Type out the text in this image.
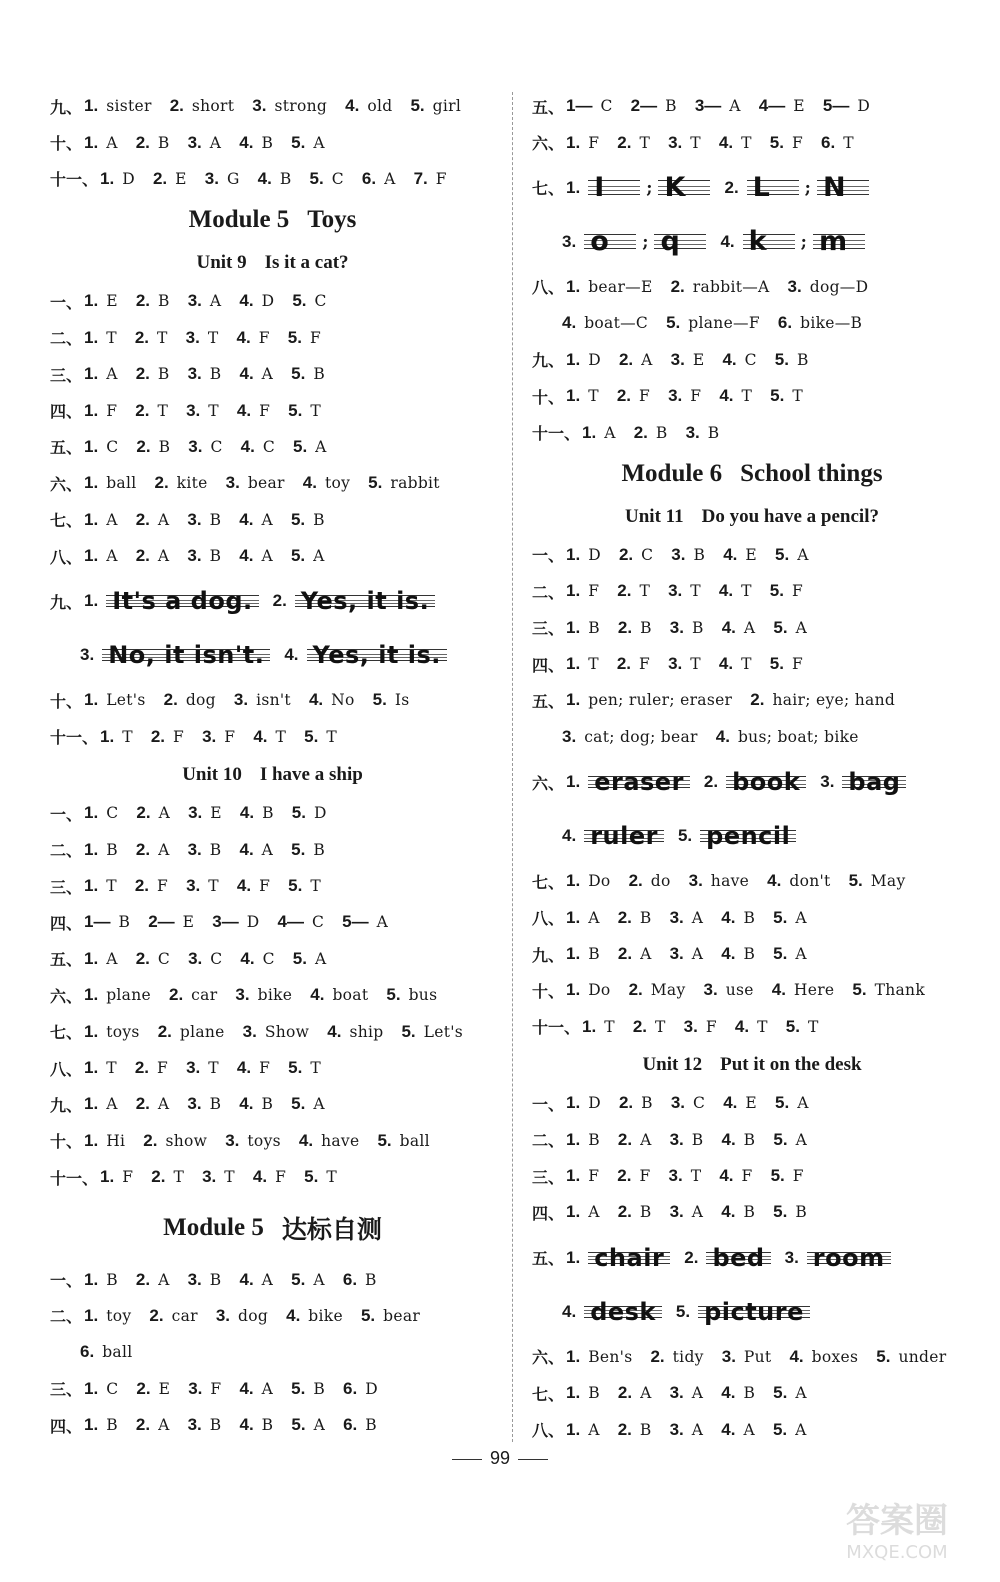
九、 1. sister 2. short 3. strong 4. old 5. girl
十、 1. A 2. B 3. A 4. B 5. A
十一、 1. D 2. E 3. G 4. B 5. C 6. A 7. F
Module 5 Toys
Unit 9 Is it a cat?
一、 1. E 2. B 3. A 4. D 5. C
二、 1. T 2. T 3. T 4. F 5. F
三、 1. A 2. B 3. B 4. A 5. B
四、 1. F 2. T 3. T 4. F 5. T
五、 1. C 2. B 3. C 4. C 5. A
六、 1. ball 2. kite 3. bear 4. toy 5. rabbit
七、 1. A 2. A 3. B 4. A 5. B
八、 1. A 2. A 3. B 4. A 5. A
九、 1. It's a dog. 2. Yes, it is.
3. No, it isn't. 4. Yes, it is.
十、 1. Let's 2. dog 3. isn't 4. No 5. Is
十一、 1. T 2. F 3. F 4. T 5. T
Unit 10 I have a ship
一、 1. C 2. A 3. E 4. B 5. D
二、 1. B 2. A 3. B 4. A 5. B
三、 1. T 2. F 3. T 4. F 5. T
四、 1— B 2— E 3— D 4— C 5— A
五、 1. A 2. C 3. C 4. C 5. A
六、 1. plane 2. car 3. bike 4. boat 5. bus
七、 1. toys 2. plane 3. Show 4. ship 5. Let's
八、 1. T 2. F 3. T 4. F 5. T
九、 1. A 2. A 3. B 4. B 5. A
十、 1. Hi 2. show 3. toys 4. have 5. ball
十一、 1. F 2. T 3. T 4. F 5. T
Module 5 达标自测
一、 1. B 2. A 3. B 4. A 5. A 6. B
二、 1. toy 2. car 3. dog 4. bike 5. bear
6. ball
三、 1. C 2. E 3. F 4. A 5. B 6. D
四、 1. B 2. A 3. B 4. B 5. A 6. B
五、 1— C 2— B 3— A 4— E 5— D
六、 1. F 2. T 3. T 4. T 5. F 6. T
七、 1. I	; K	2. L	; N
3. o	; q	4. k	; m
八、 1. bear—E 2. rabbit—A 3. dog—D
4. boat—C 5. plane—F 6. bike—B
九、 1. D 2. A 3. E 4. C 5. B
十、 1. T 2. F 3. F 4. T 5. T
十一、 1. A 2. B 3. B
Module 6 School things
Unit 11 Do you have a pencil?
一、 1. D 2. C 3. B 4. E 5. A
二、 1. F 2. T 3. T 4. T 5. F
三、 1. B 2. B 3. B 4. A 5. A
四、 1. T 2. F 3. T 4. T 5. F
五、 1. pen; ruler; eraser 2. hair; eye; hand
3. cat; dog; bear 4. bus; boat; bike
六、 1. eraser 2. book 3. bag
4. ruler 5. pencil
七、 1. Do 2. do 3. have 4. don't 5. May
八、 1. A 2. B 3. A 4. B 5. A
九、 1. B 2. A 3. A 4. B 5. A
十、 1. Do 2. May 3. use 4. Here 5. Thank
十一、 1. T 2. T 3. F 4. T 5. T
Unit 12 Put it on the desk
一、 1. D 2. B 3. C 4. E 5. A
二、 1. B 2. A 3. B 4. B 5. A
三、 1. F 2. F 3. T 4. F 5. F
四、 1. A 2. B 3. A 4. B 5. B
五、 1. chair 2. bed 3. room
4. desk 5. picture
六、 1. Ben's 2. tidy 3. Put 4. boxes 5. under
七、 1. B 2. A 3. A 4. B 5. A
八、 1. A 2. B 3. A 4. A 5. A
99
答案圈
MXQE.COM
